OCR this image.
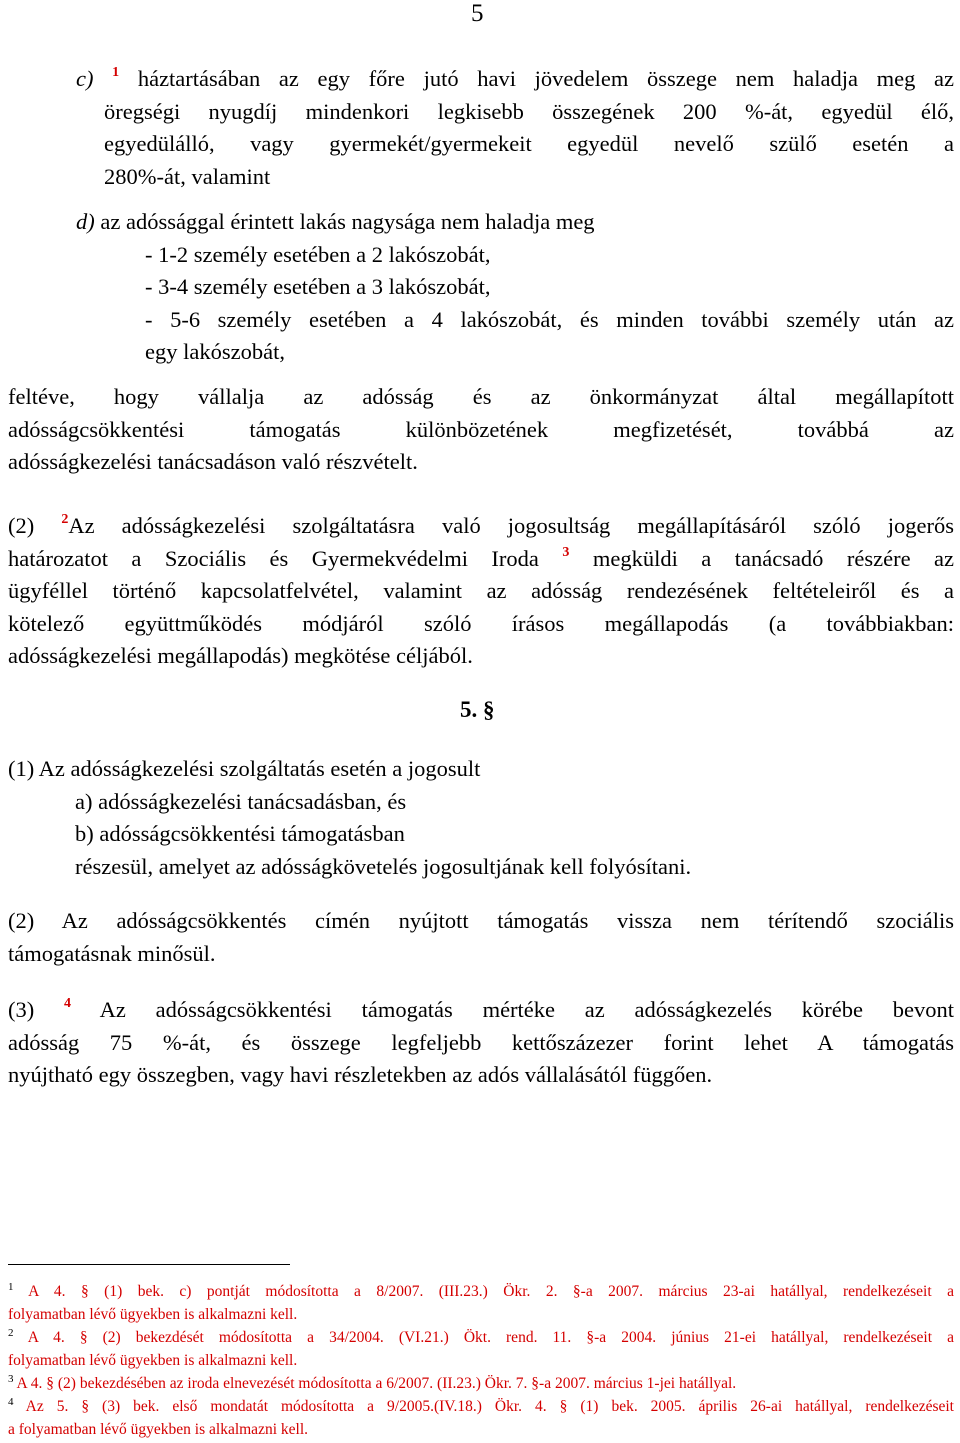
5
c) $^1$ háztartásában az egy főre jutó havi jövedelem összege nem haladja meg az
öregségi nyugdíj mindenkori legkisebb összegének 200 %-át, egyedül élő,
egyedülálló, vagy gyermekét/gyermekeit egyedül nevelő szülő esetén a
280%-át, valamint
d) az adóssággal érintett lakás nagysága nem haladja meg
- 1-2 személy esetében a 2 lakószobát,
- 3-4 személy esetében a 3 lakószobát,
- 5-6 személy esetében a 4 lakószobát, és minden további személy után az
egy lakószobát,
feltéve, hogy vállalja az adósság és az önkormányzat által megállapított
adósságcsökkentési támogatás különbözetének megfizetését, továbbá az
adósságkezelési tanácsadáson való részvételt.
(2) $^2$Az adósságkezelési szolgáltatásra való jogosultság megállapításáról szóló jogerős
határozatot a Szociális és Gyermekvédelmi Iroda $^3$ megküldi a tanácsadó részére az
ügyféllel történő kapcsolatfelvétel, valamint az adósság rendezésének feltételeiről és a
kötelező együttműködés módjáról szóló írásos megállapodás (a továbbiakban:
adósságkezelési megállapodás) megkötése céljából.
5. §
(1) Az adósságkezelési szolgáltatás esetén a jogosult
a) adósságkezelési tanácsadásban, és
b) adósságcsökkentési támogatásban
részesül, amelyet az adósságkövetelés jogosultjának kell folyósítani.
(2) Az adósságcsökkentés címén nyújtott támogatás vissza nem térítendő szociális
támogatásnak minősül.
(3) $^4$ Az adósságcsökkentési támogatás mértéke az adósságkezelés körébe bevont
adósság 75 %-át, és összege legfeljebb kettőszázezer forint lehet A támogatás
nyújtható egy összegben, vagy havi részletekben az adós vállalásától függően.
$^1$ A 4. § (1) bek. c) pontját módosította a 8/2007. (III.23.) Ökr. 2. §-a 2007. március 23-ai hatállyal, rendelkezéseit a
folyamatban lévő ügyekben is alkalmazni kell.
$^2$ A 4. § (2) bekezdését módosította a 34/2004. (VI.21.) Ökt. rend. 11. §-a 2004. június 21-ei hatállyal, rendelkezéseit a
folyamatban lévő ügyekben is alkalmazni kell.
$^3$ A 4. § (2) bekezdésében az iroda elnevezését módosította a 6/2007. (II.23.) Ökr. 7. §-a 2007. március 1-jei hatállyal.
$^4$ Az 5. § (3) bek. első mondatát módosította a 9/2005.(IV.18.) Ökr. 4. § (1) bek. 2005. április 26-ai hatállyal, rendelkezéseit
a folyamatban lévő ügyekben is alkalmazni kell.
